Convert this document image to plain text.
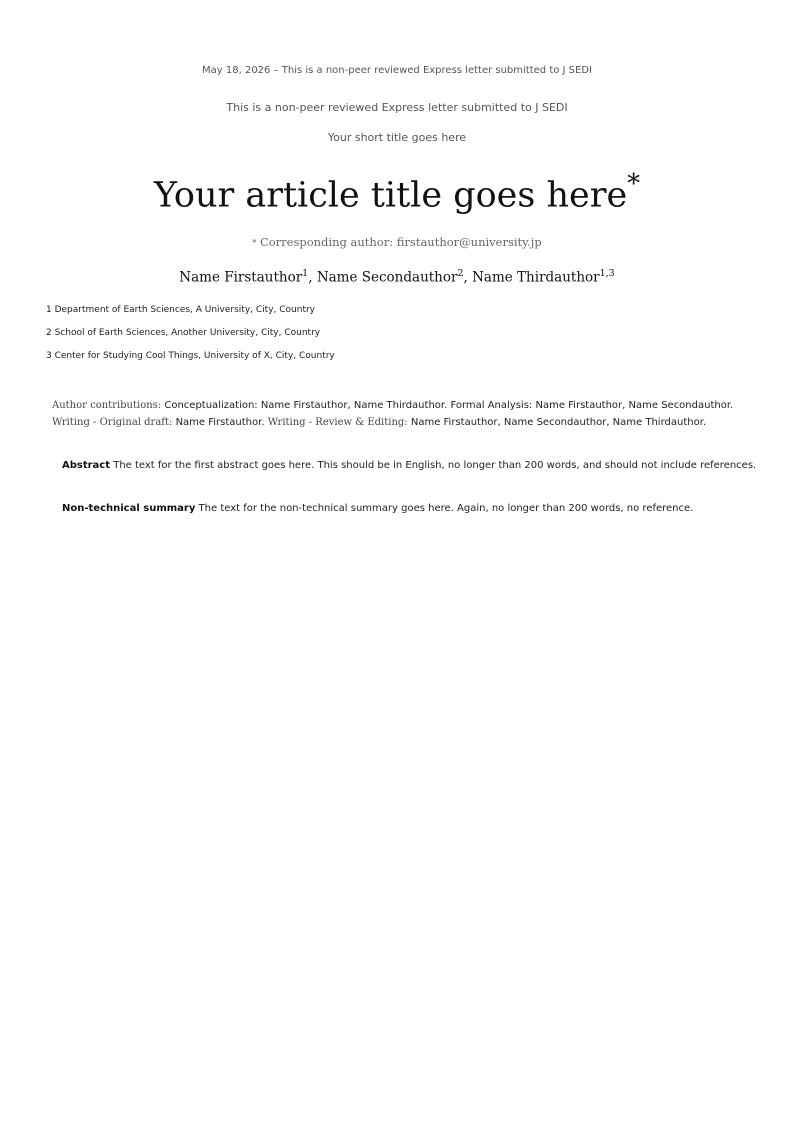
May 18, 2026 – This is a non-peer reviewed Express letter submitted to J SEDI
This is a non-peer reviewed Express letter submitted to J SEDI
Your short title goes here
Your article title goes here*
* Corresponding author: firstauthor@university.jp
Name Firstauthor$^1$, Name Secondauthor$^2$, Name Thirdauthor$^{1,3}$
1 Department of Earth Sciences, A University, City, Country
2 School of Earth Sciences, Another University, City, Country
3 Center for Studying Cool Things, University of X, City, Country
Author contributions: Conceptualization: Name Firstauthor, Name Thirdauthor. Formal Analysis: Name Firstauthor, Name Secondauthor.
Writing - Original draft: Name Firstauthor. Writing - Review & Editing: Name Firstauthor, Name Secondauthor, Name Thirdauthor.
Abstract The text for the first abstract goes here. This should be in English, no longer than 200 words, and should not include references.
Non-technical summary The text for the non-technical summary goes here. Again, no longer than 200 words, no reference.
